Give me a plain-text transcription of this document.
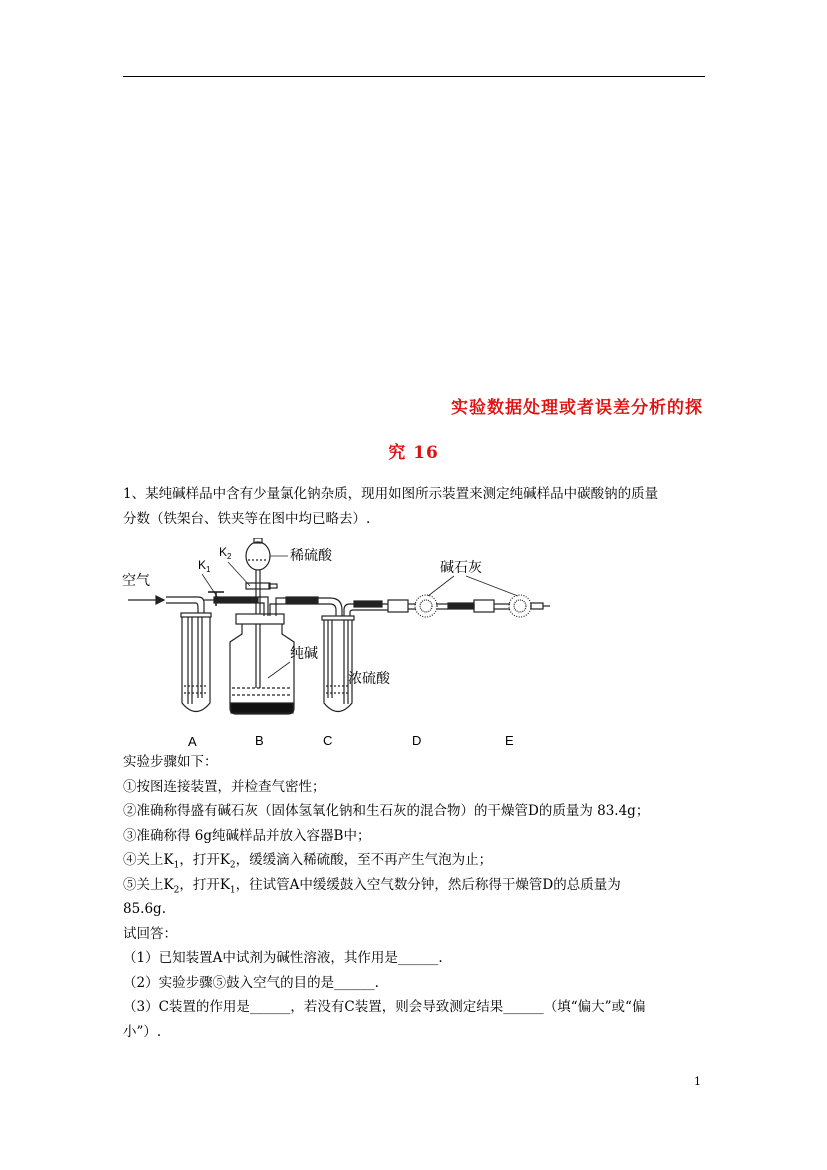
实验数据处理或者误差分析的探
究 16
1、某纯碱样品中含有少量氯化钠杂质，现用如图所示装置来测定纯碱样品中碳酸钠的质量
分数（铁架台、铁夹等在图中均已略去）.
空气
$K_1$
$K_2$	稀硫酸
纯碱
浓硫酸
碱石灰
A	B	C	D	E
实验步骤如下：
①按图连接装置，并检查气密性；
②准确称得盛有碱石灰（固体氢氧化钠和生石灰的混合物）的干燥管D的质量为 83.4g；
③准确称得 6g纯碱样品并放入容器B中；
④关上$K_1$，打开$K_2$，缓缓滴入稀硫酸，至不再产生气泡为止；
⑤关上$K_2$，打开$K_1$，往试管A中缓缓鼓入空气数分钟，然后称得干燥管D的总质量为
85.6g.
试回答：
（1）已知装置A中试剂为碱性溶液，其作用是______.
（2）实验步骤⑤鼓入空气的目的是______.
（3）C装置的作用是______，若没有C装置，则会导致测定结果______（填“偏大”或“偏
小”）.
1
